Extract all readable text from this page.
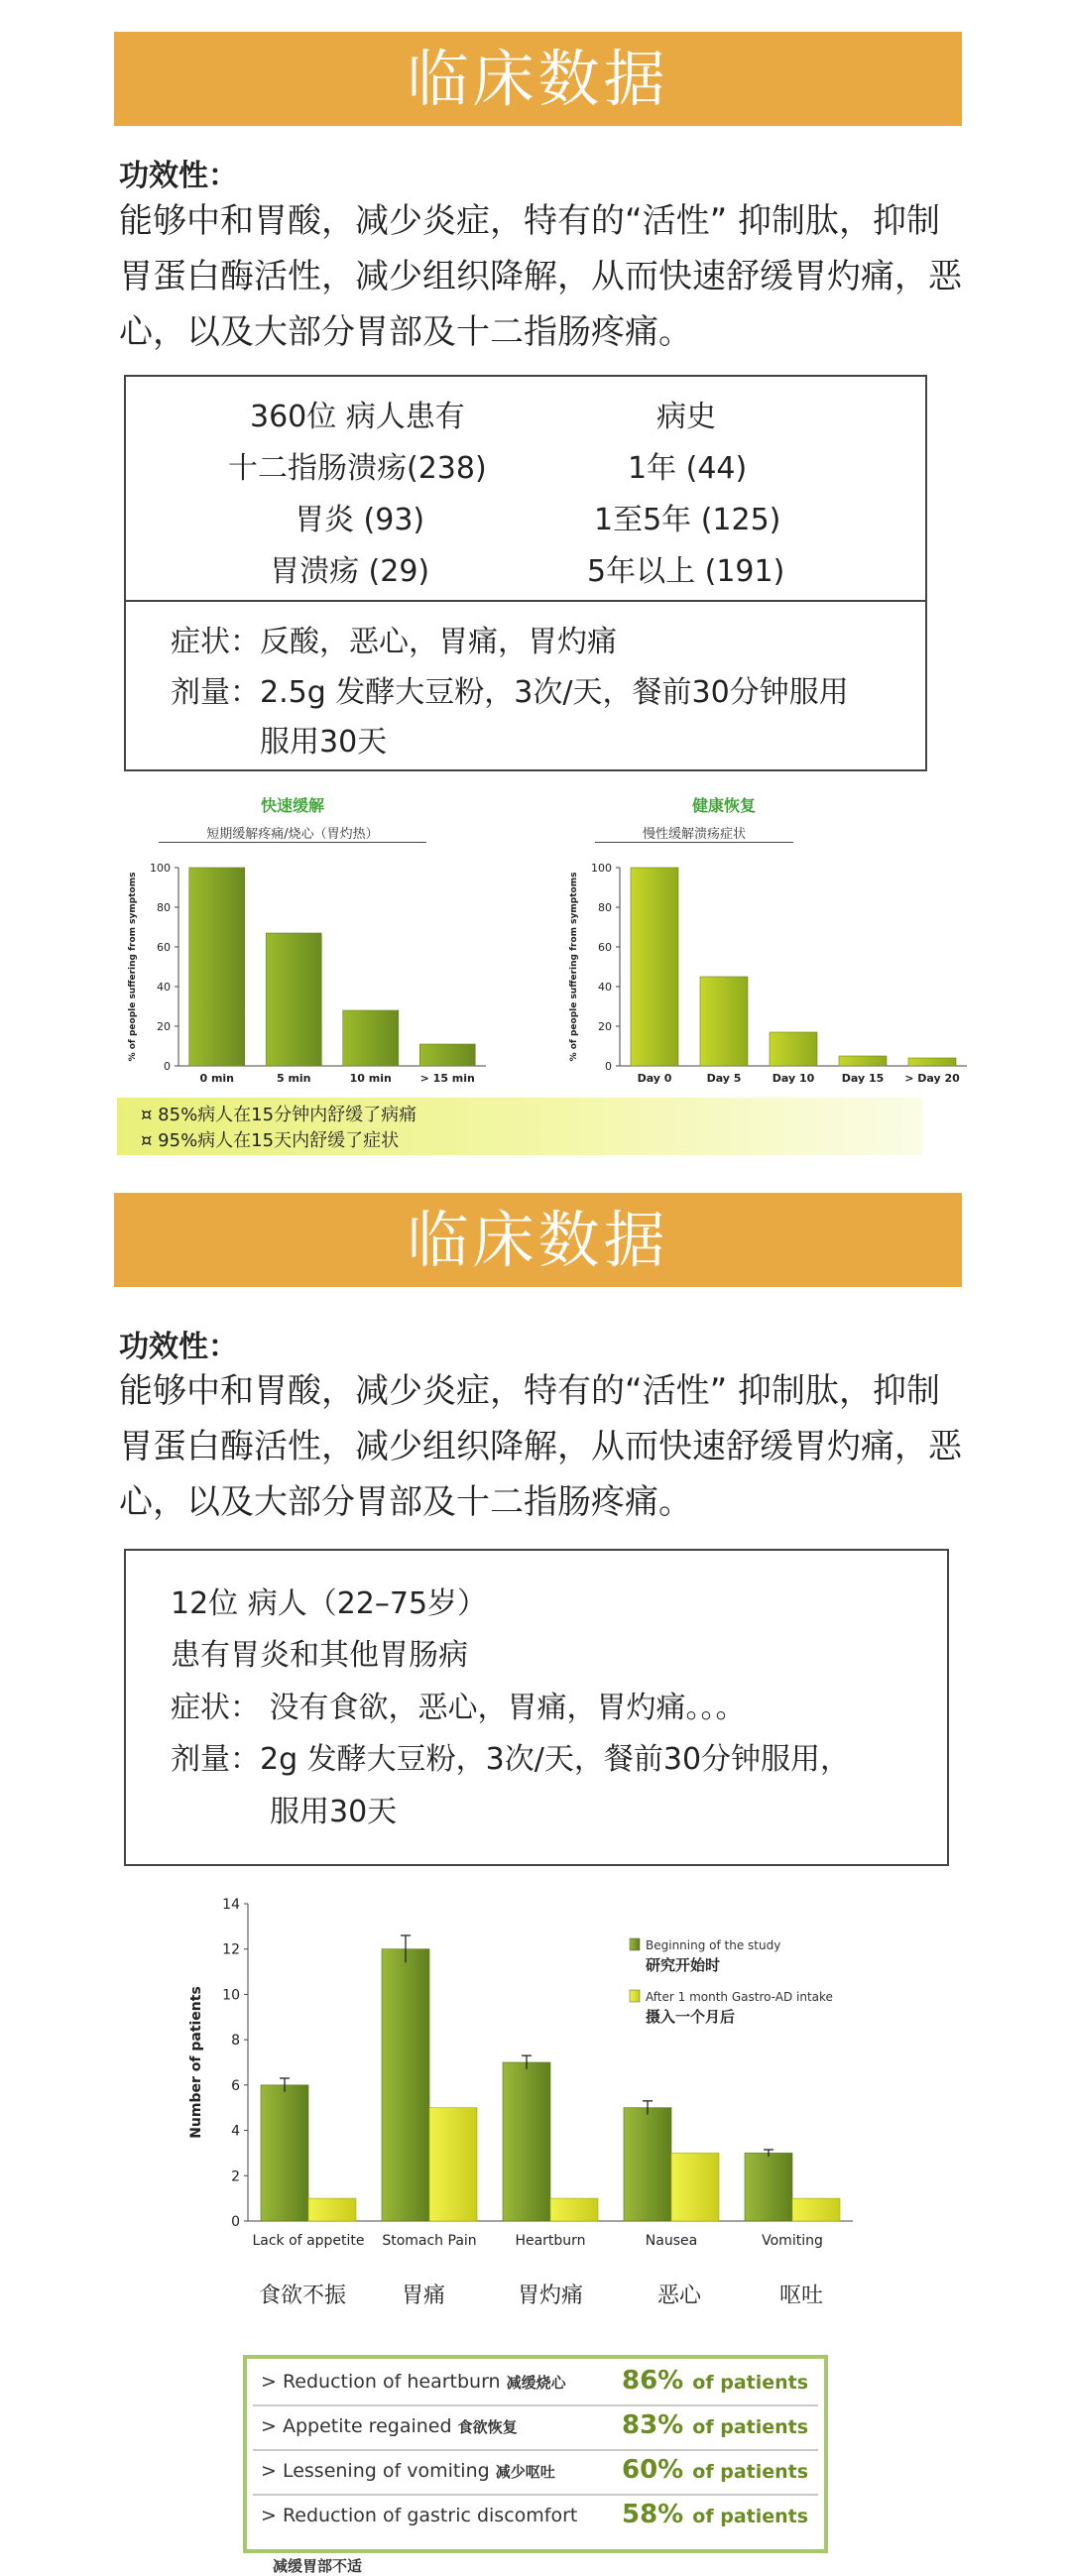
临床数据
功效性：
能够中和胃酸，减少炎症，特有的“活性” 抑制肽，抑制胃蛋白酶活性，减少组织降解，从而快速舒缓胃灼痛，恶心，以及大部分胃部及十二指肠疼痛。
360位 病人患有	病史
十二指肠溃疡(238)	1年 (44)
胃炎 (93)	1至5年 (125)
胃溃疡 (29)	5年以上 (191)
症状：反酸，恶心，胃痛，胃灼痛
剂量：2.5g 发酵大豆粉，3次/天，餐前30分钟服用
服用30天
快速缓解
短期缓解疼痛/烧心（胃灼热）
0
20
40
60
80
100
0 min	5 min	10 min	> 15 min
% of people suffering from symptoms
健康恢复
慢性缓解溃疡症状
0
20
40
60
80
100
Day 0	Day 5	Day 10 Day 15 > Day 20
% of people suffering from symptoms
¤ 85%病人在15分钟内舒缓了病痛
¤ 95%病人在15天内舒缓了症状
临床数据
功效性：
能够中和胃酸，减少炎症，特有的“活性” 抑制肽，抑制胃蛋白酶活性，减少组织降解，从而快速舒缓胃灼痛，恶心，以及大部分胃部及十二指肠疼痛。
12位 病人（22–75岁）
患有胃炎和其他胃肠病
症状： 没有食欲，恶心，胃痛，胃灼痛。。。
剂量：2g 发酵大豆粉，3次/天，餐前30分钟服用，
服用30天
0
2
4
6
8
10
12
14
Lack of appetite Stomach Pain	Heartburn	Nausea	Vomiting
Number of patients
Beginning of the study
研究开始时
After 1 month Gastro-AD intake
摄入一个月后
食欲不振	胃痛	胃灼痛	恶心	呕吐
> Reduction of heartburn 减缓烧心 86% of patients
> Appetite regained 食欲恢复	83% of patients
> Lessening of vomiting 减少呕吐	60% of patients
> Reduction of gastric discomfort 58% of patients
减缓胃部不适
